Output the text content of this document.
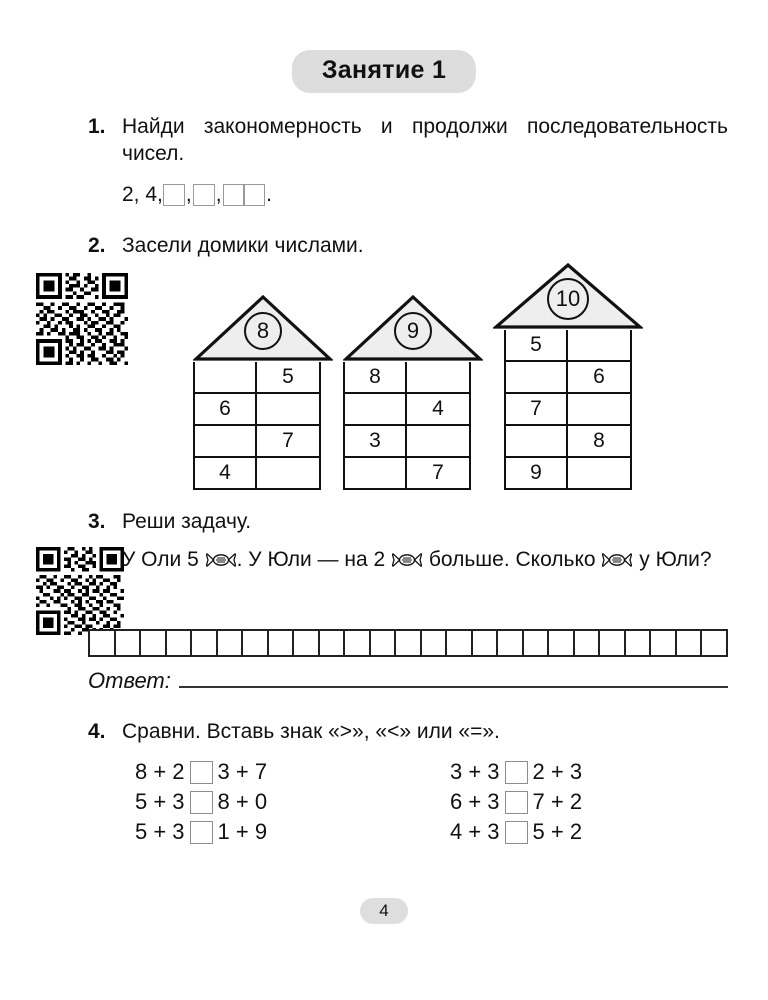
Занятие 1
1. Найди закономерность и продолжи последовательность чисел.
2, 4, , , .
2. Засели домики числами.
8
5
6
7
4
9
8
4
3
7
10
5
6
7
8
9
3. Реши задачу.
У Оли 5 . У Юли — на 2  больше. Сколько  у Юли?
Ответ:
4. Сравни. Вставь знак «>», «<» или «=».
8 + 2 3 + 7
5 + 3 8 + 0
5 + 3 1 + 9
3 + 3 2 + 3
6 + 3 7 + 2
4 + 3 5 + 2
4
